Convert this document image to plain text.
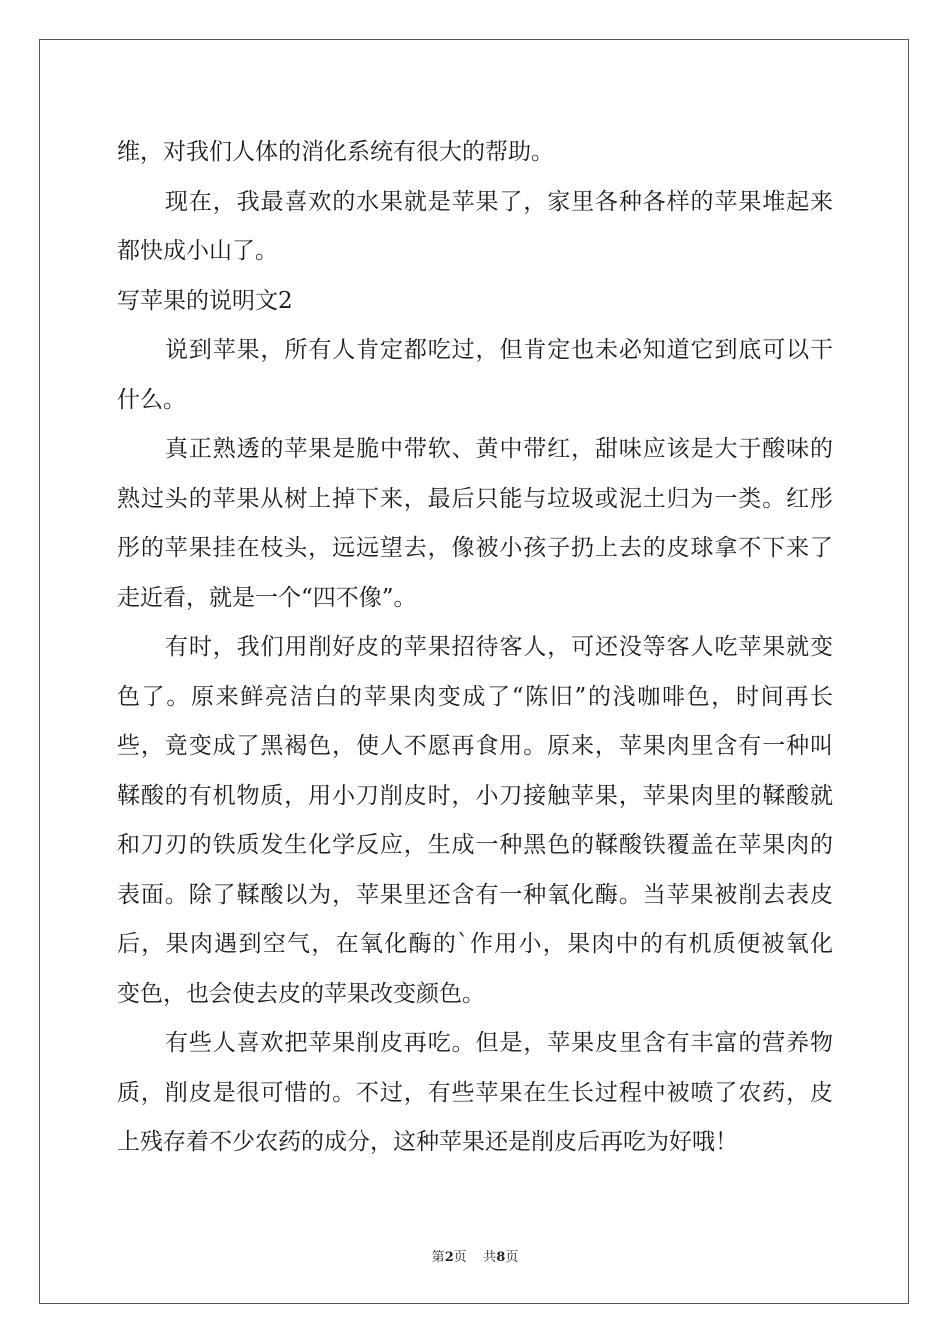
维，对我们人体的消化系统有很大的帮助。
现在，我最喜欢的水果就是苹果了，家里各种各样的苹果堆起来
都快成小山了。
写苹果的说明文2
说到苹果，所有人肯定都吃过，但肯定也未必知道它到底可以干
什么。
真正熟透的苹果是脆中带软、黄中带红，甜味应该是大于酸味的
熟过头的苹果从树上掉下来，最后只能与垃圾或泥土归为一类。红彤
彤的苹果挂在枝头，远远望去，像被小孩子扔上去的皮球拿不下来了
走近看，就是一个“四不像”。
有时，我们用削好皮的苹果招待客人，可还没等客人吃苹果就变
色了。原来鲜亮洁白的苹果肉变成了“陈旧”的浅咖啡色，时间再长
些，竟变成了黑褐色，使人不愿再食用。原来，苹果肉里含有一种叫
鞣酸的有机物质，用小刀削皮时，小刀接触苹果，苹果肉里的鞣酸就
和刀刃的铁质发生化学反应，生成一种黑色的鞣酸铁覆盖在苹果肉的
表面。除了鞣酸以为，苹果里还含有一种氧化酶。当苹果被削去表皮
后，果肉遇到空气，在氧化酶的`作用小，果肉中的有机质便被氧化
变色，也会使去皮的苹果改变颜色。
有些人喜欢把苹果削皮再吃。但是，苹果皮里含有丰富的营养物
质，削皮是很可惜的。不过，有些苹果在生长过程中被喷了农药，皮
上残存着不少农药的成分，这种苹果还是削皮后再吃为好哦！
第2页    共8页
